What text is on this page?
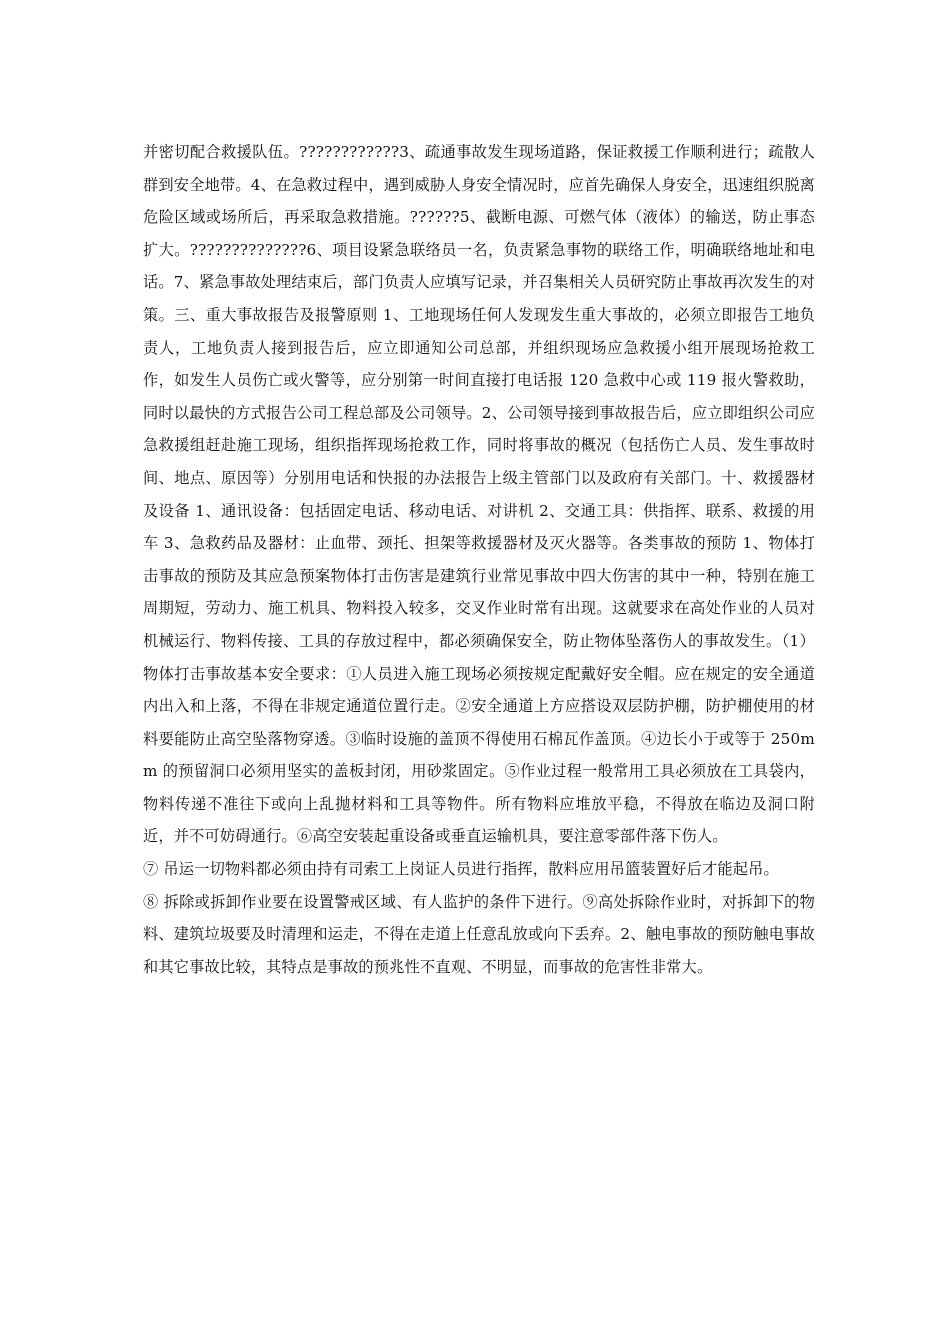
并密切配合救援队伍。????????????3、疏通事故发生现场道路，保证救援工作顺利进行；疏散人群到安全地带。4、在急救过程中，遇到威胁人身安全情况时，应首先确保人身安全，迅速组织脱离危险区域或场所后，再采取急救措施。??????5、截断电源、可燃气体（液体）的输送，防止事态扩大。??????????????6、项目设紧急联络员一名，负责紧急事物的联络工作，明确联络地址和电话。7、紧急事故处理结束后，部门负责人应填写记录，并召集相关人员研究防止事故再次发生的对策。三、重大事故报告及报警原则 1、工地现场任何人发现发生重大事故的，必须立即报告工地负责人，工地负责人接到报告后，应立即通知公司总部，并组织现场应急救援小组开展现场抢救工作，如发生人员伤亡或火警等，应分别第一时间直接打电话报 120 急救中心或 119 报火警救助，同时以最快的方式报告公司工程总部及公司领导。2、公司领导接到事故报告后，应立即组织公司应急救援组赶赴施工现场，组织指挥现场抢救工作，同时将事故的概况（包括伤亡人员、发生事故时间、地点、原因等）分别用电话和快报的办法报告上级主管部门以及政府有关部门。十、救援器材及设备 1、通讯设备：包括固定电话、移动电话、对讲机 2、交通工具：供指挥、联系、救援的用车 3、急救药品及器材：止血带、颈托、担架等救援器材及灭火器等。各类事故的预防 1、物体打击事故的预防及其应急预案物体打击伤害是建筑行业常见事故中四大伤害的其中一种，特别在施工周期短，劳动力、施工机具、物料投入较多，交叉作业时常有出现。这就要求在高处作业的人员对机械运行、物料传接、工具的存放过程中，都必须确保安全，防止物体坠落伤人的事故发生。（1）物体打击事故基本安全要求：①人员进入施工现场必须按规定配戴好安全帽。应在规定的安全通道内出入和上落，不得在非规定通道位置行走。②安全通道上方应搭设双层防护棚，防护棚使用的材料要能防止高空坠落物穿透。③临时设施的盖顶不得使用石棉瓦作盖顶。④边长小于或等于 250mm 的预留洞口必须用坚实的盖板封闭，用砂浆固定。⑤作业过程一般常用工具必须放在工具袋内，物料传递不准往下或向上乱抛材料和工具等物件。所有物料应堆放平稳，不得放在临边及洞口附近，并不可妨碍通行。⑥高空安装起重设备或垂直运输机具，要注意零部件落下伤人。

⑦ 吊运一切物料都必须由持有司索工上岗证人员进行指挥，散料应用吊篮装置好后才能起吊。

⑧ 拆除或拆卸作业要在设置警戒区域、有人监护的条件下进行。⑨高处拆除作业时，对拆卸下的物料、建筑垃圾要及时清理和运走，不得在走道上任意乱放或向下丢弃。2、触电事故的预防触电事故和其它事故比较，其特点是事故的预兆性不直观、不明显，而事故的危害性非常大。
